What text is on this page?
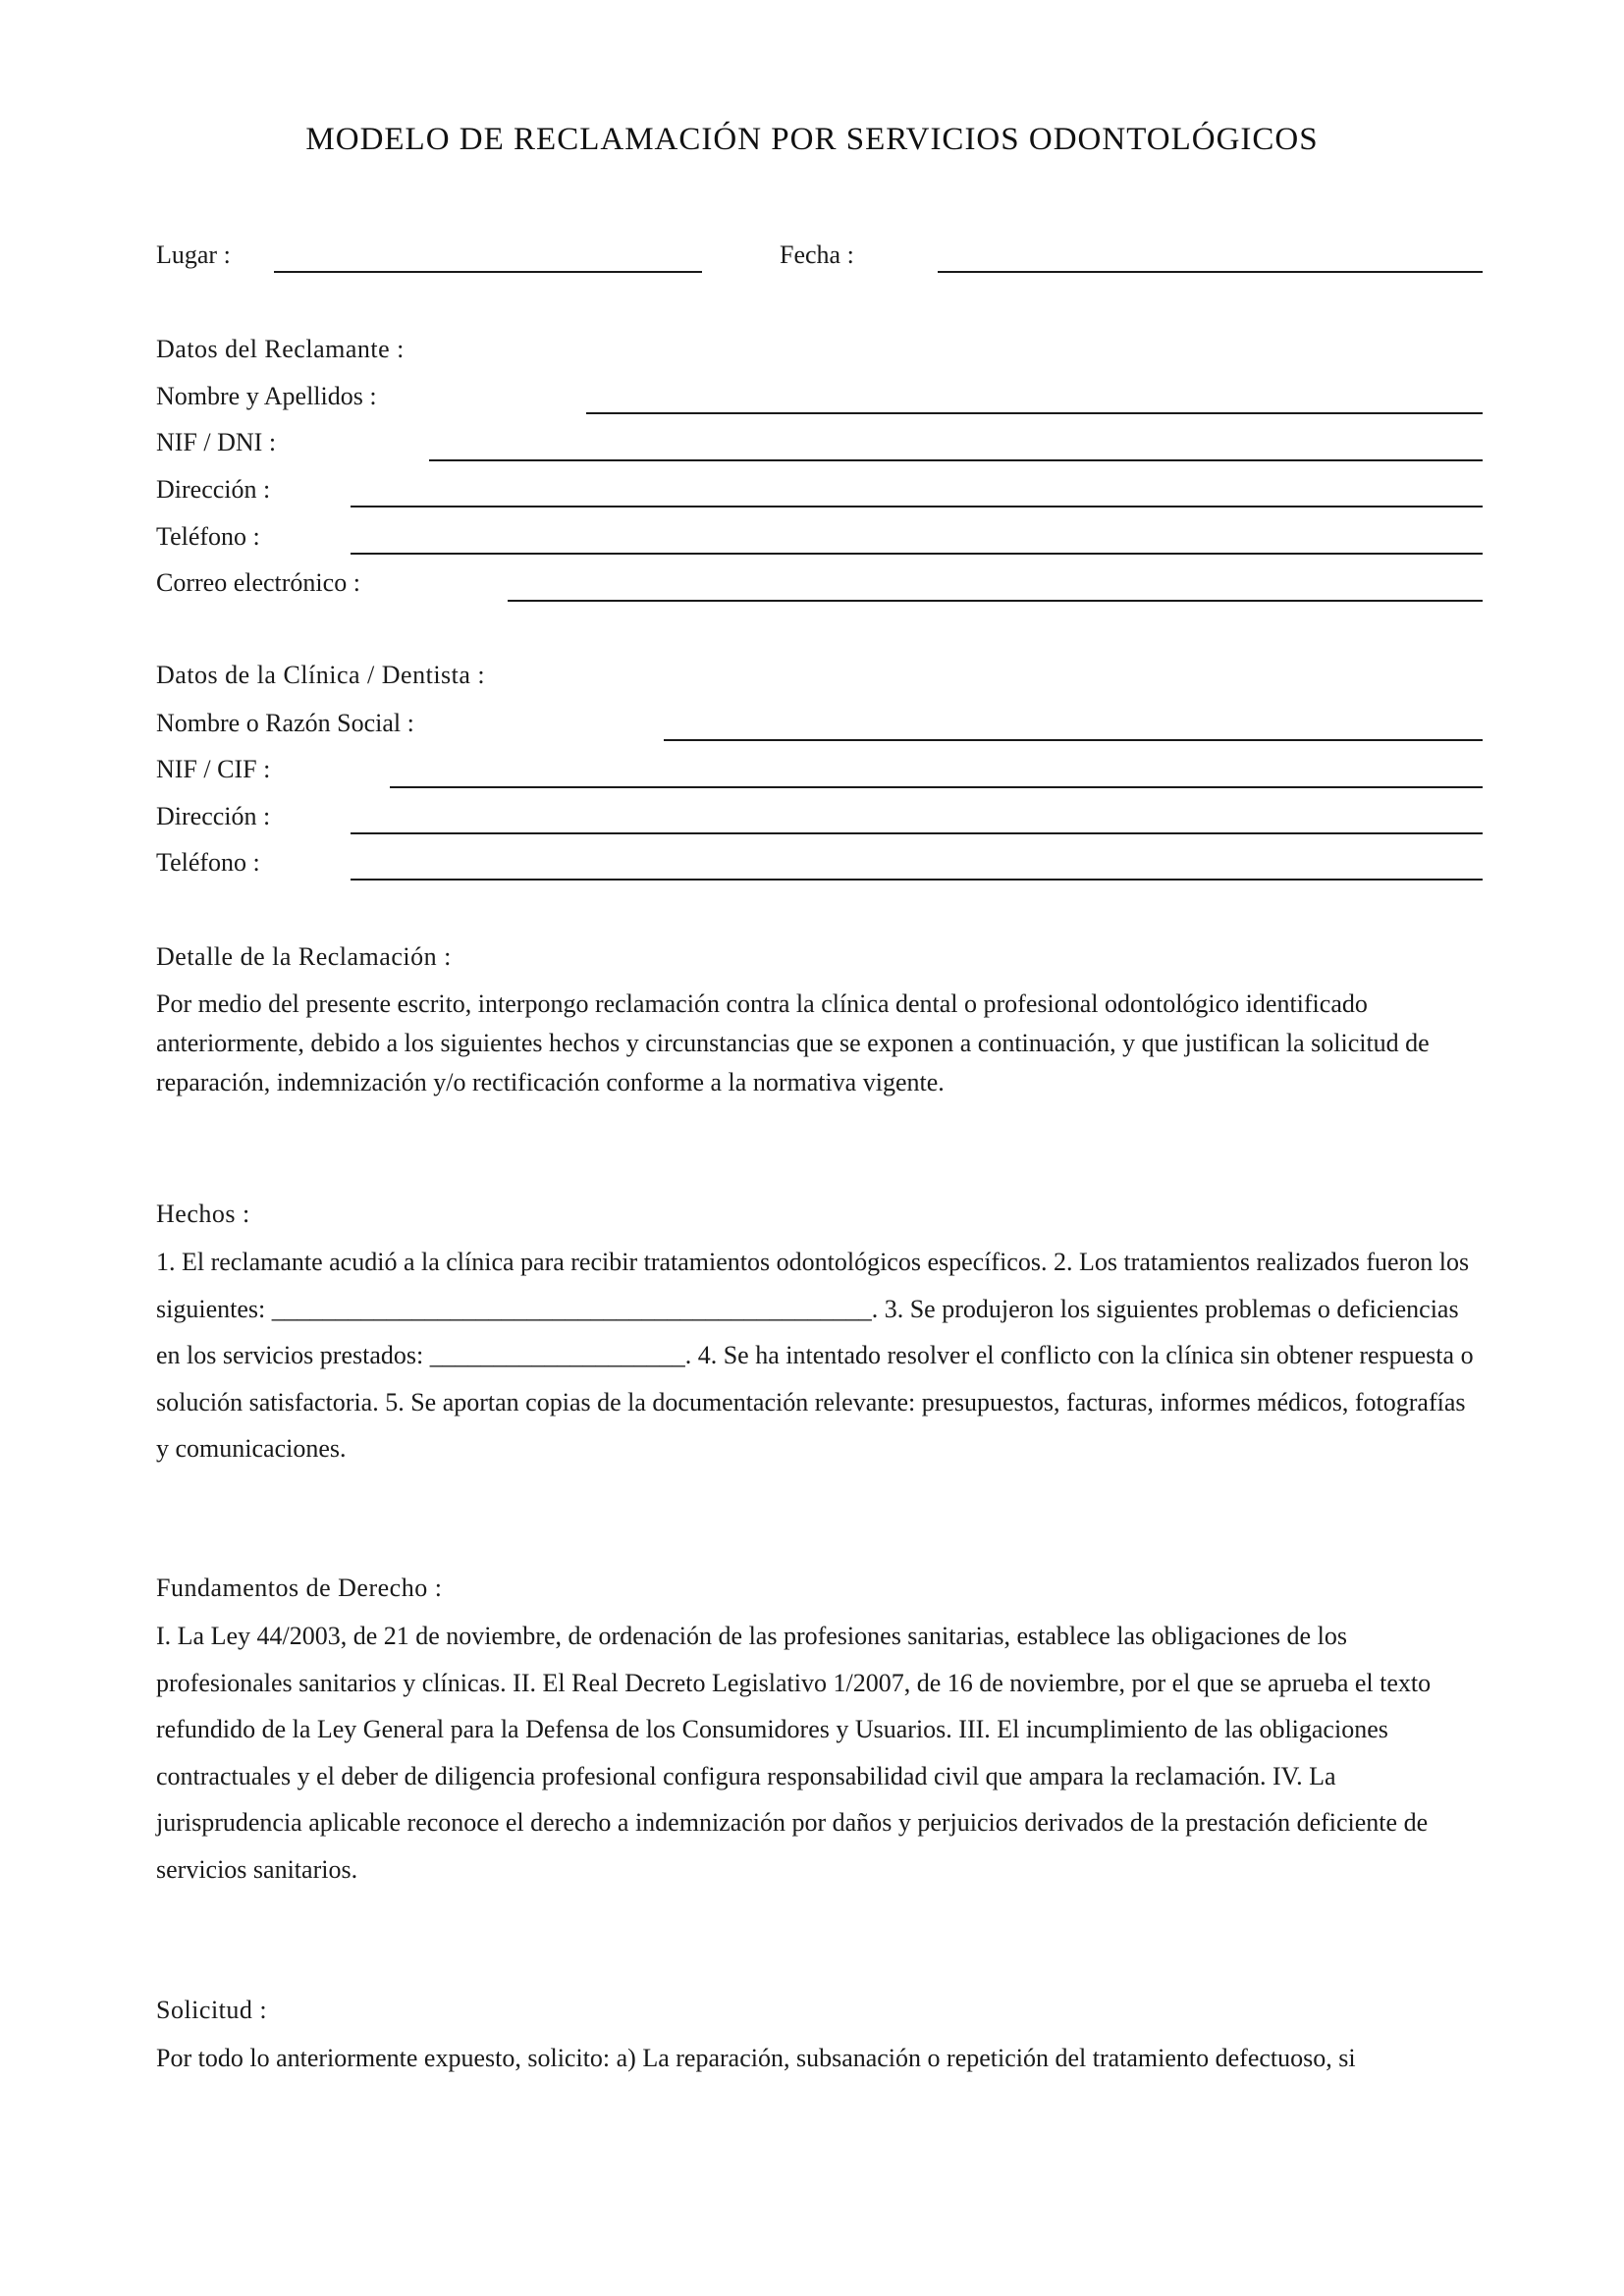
MODELO DE RECLAMACIÓN POR SERVICIOS ODONTOLÓGICOS
Lugar :	Fecha :
Datos del Reclamante :
Nombre y Apellidos :
NIF / DNI :
Dirección :
Teléfono :
Correo electrónico :
Datos de la Clínica / Dentista :
Nombre o Razón Social :
NIF / CIF :
Dirección :
Teléfono :
Detalle de la Reclamación :

Por medio del presente escrito, interpongo reclamación contra la clínica dental o profesional odontológico identificado anteriormente, debido a los siguientes hechos y circunstancias que se exponen a continuación, y que justifican la solicitud de reparación, indemnización y/o rectificación conforme a la normativa vigente.

Hechos :

1. El reclamante acudió a la clínica para recibir tratamientos odontológicos específicos. 2. Los tratamientos realizados fueron los siguientes: _______________________________________________. 3. Se produjeron los siguientes problemas o deficiencias en los servicios prestados: ____________________. 4. Se ha intentado resolver el conflicto con la clínica sin obtener respuesta o solución satisfactoria. 5. Se aportan copias de la documentación relevante: presupuestos, facturas, informes médicos, fotografías y comunicaciones.

Fundamentos de Derecho :

I. La Ley 44/2003, de 21 de noviembre, de ordenación de las profesiones sanitarias, establece las obligaciones de los profesionales sanitarios y clínicas. II. El Real Decreto Legislativo 1/2007, de 16 de noviembre, por el que se aprueba el texto refundido de la Ley General para la Defensa de los Consumidores y Usuarios. III. El incumplimiento de las obligaciones contractuales y el deber de diligencia profesional configura responsabilidad civil que ampara la reclamación. IV. La jurisprudencia aplicable reconoce el derecho a indemnización por daños y perjuicios derivados de la prestación deficiente de servicios sanitarios.

Solicitud :

Por todo lo anteriormente expuesto, solicito: a) La reparación, subsanación o repetición del tratamiento defectuoso, si
